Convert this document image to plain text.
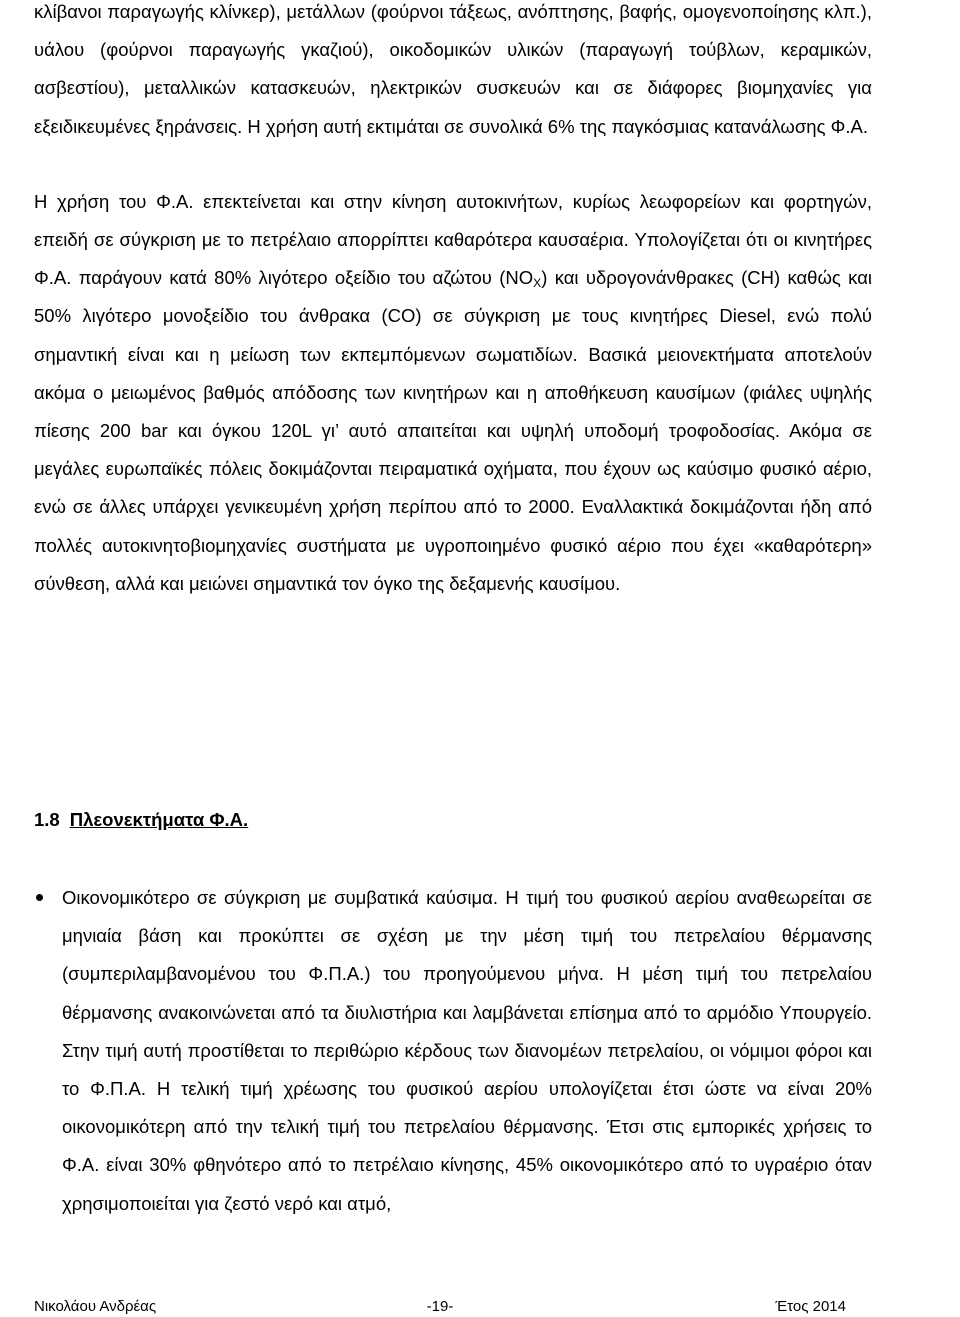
κλίβανοι παραγωγής κλίνκερ), μετάλλων (φούρνοι τάξεως, ανόπτησης, βαφής, ομογενοποίησης κλπ.), υάλου (φούρνοι παραγωγής γκαζιού), οικοδομικών υλικών (παραγωγή τούβλων, κεραμικών, ασβεστίου), μεταλλικών κατασκευών, ηλεκτρικών συσκευών και σε διάφορες βιομηχανίες για εξειδικευμένες ξηράνσεις. Η χρήση αυτή εκτιμάται σε συνολικά 6% της παγκόσμιας κατανάλωσης Φ.Α.

Η χρήση του Φ.Α. επεκτείνεται και στην κίνηση αυτοκινήτων, κυρίως λεωφορείων και φορτηγών, επειδή σε σύγκριση με το πετρέλαιο απορρίπτει καθαρότερα καυσαέρια. Υπολογίζεται ότι οι κινητήρες Φ.Α. παράγουν κατά 80% λιγότερο οξείδιο του αζώτου $(NO_X)$ και υδρογονάνθρακες (CH) καθώς και 50% λιγότερο μονοξείδιο του άνθρακα (CO) σε σύγκριση με τους κινητήρες Diesel, ενώ πολύ σημαντική είναι και η μείωση των εκπεμπόμενων σωματιδίων. Βασικά μειονεκτήματα αποτελούν ακόμα ο μειωμένος βαθμός απόδοσης των κινητήρων και η αποθήκευση καυσίμων (φιάλες υψηλής πίεσης 200 bar και όγκου 120L γι’ αυτό απαιτείται και υψηλή υποδομή τροφοδοσίας. Ακόμα σε μεγάλες ευρωπαϊκές πόλεις δοκιμάζονται πειραματικά οχήματα, που έχουν ως καύσιμο φυσικό αέριο, ενώ σε άλλες υπάρχει γενικευμένη χρήση περίπου από το 2000. Εναλλακτικά δοκιμάζονται ήδη από πολλές αυτοκινητοβιομηχανίες συστήματα με υγροποιημένο φυσικό αέριο που έχει «καθαρότερη» σύνθεση, αλλά και μειώνει σημαντικά τον όγκο της δεξαμενής καυσίμου.

1.8 Πλεονεκτήματα Φ.Α.

Οικονομικότερο σε σύγκριση με συμβατικά καύσιμα. Η τιμή του φυσικού αερίου αναθεωρείται σε μηνιαία βάση και προκύπτει σε σχέση με την μέση τιμή του πετρελαίου θέρμανσης (συμπεριλαμβανομένου του Φ.Π.Α.) του προηγούμενου μήνα. Η μέση τιμή του πετρελαίου θέρμανσης ανακοινώνεται από τα διυλιστήρια και λαμβάνεται επίσημα από το αρμόδιο Υπουργείο. Στην τιμή αυτή προστίθεται το περιθώριο κέρδους των διανομέων πετρελαίου, οι νόμιμοι φόροι και το Φ.Π.Α. Η τελική τιμή χρέωσης του φυσικού αερίου υπολογίζεται έτσι ώστε να είναι 20% οικονομικότερη από την τελική τιμή του πετρελαίου θέρμανσης. Έτσι στις εμπορικές χρήσεις το Φ.Α. είναι 30% φθηνότερο από το πετρέλαιο κίνησης, 45% οικονομικότερο από το υγραέριο όταν χρησιμοποιείται για ζεστό νερό και ατμό,

Νικολάου Ανδρέας	-19-	Έτος 2014
